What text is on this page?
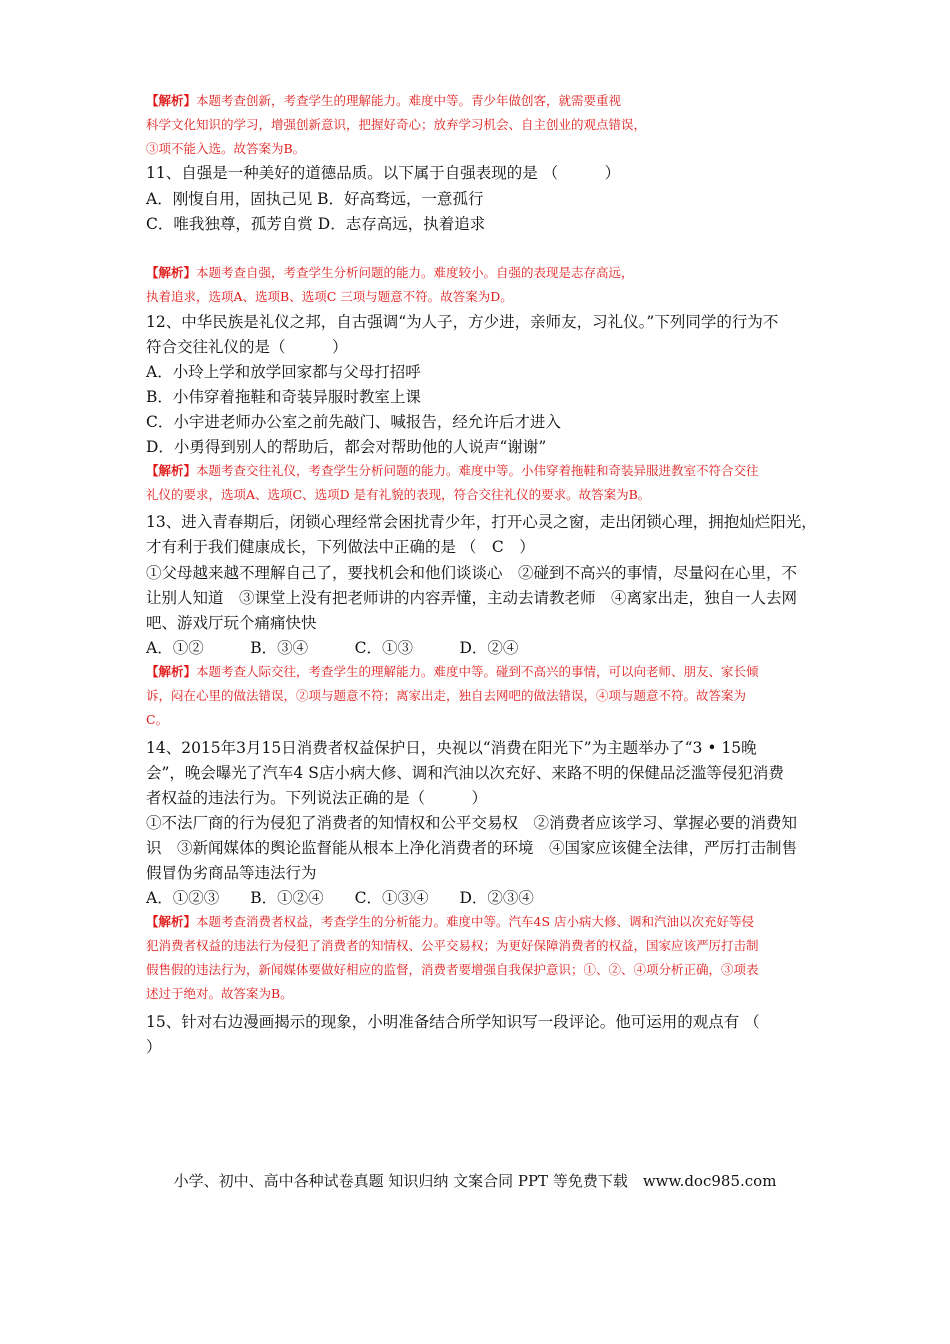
【解析】本题考查创新，考查学生的理解能力。难度中等。青少年做创客，就需要重视
科学文化知识的学习，增强创新意识，把握好奇心；放弃学习机会、自主创业的观点错误，
③项不能入选。故答案为B。
11、自强是一种美好的道德品质。以下属于自强表现的是 （　　　）
A．刚愎自用，固执己见 B．好高骛远，一意孤行
C．唯我独尊，孤芳自赏 D．志存高远，执着追求
【解析】本题考查自强，考查学生分析问题的能力。难度较小。自强的表现是志存高远，
执着追求，选项A、选项B、选项C 三项与题意不符。故答案为D。
12、中华民族是礼仪之邦，自古强调“为人子，方少进，亲师友，习礼仪。”下列同学的行为不
符合交往礼仪的是（　　　）
A．小玲上学和放学回家都与父母打招呼
B．小伟穿着拖鞋和奇装异服时教室上课
C．小宇进老师办公室之前先敲门、喊报告，经允许后才进入
D．小勇得到别人的帮助后，都会对帮助他的人说声“谢谢”
【解析】本题考查交往礼仪，考查学生分析问题的能力。难度中等。小伟穿着拖鞋和奇装异服进教室不符合交往
礼仪的要求，选项A、选项C、选项D 是有礼貌的表现，符合交往礼仪的要求。故答案为B。
13、进入青春期后，闭锁心理经常会困扰青少年，打开心灵之窗，走出闭锁心理，拥抱灿烂阳光，
才有利于我们健康成长，下列做法中正确的是 （　C　）
①父母越来越不理解自己了，要找机会和他们谈谈心　②碰到不高兴的事情，尽量闷在心里，不
让别人知道　③课堂上没有把老师讲的内容弄懂，主动去请教老师　④离家出走，独自一人去网
吧、游戏厅玩个痛痛快快
A．①②　　　B．③④　　　C．①③　　　D．②④
【解析】本题考查人际交往，考查学生的理解能力。难度中等。碰到不高兴的事情，可以向老师、朋友、家长倾
诉，闷在心里的做法错误，②项与题意不符；离家出走，独自去网吧的做法错误，④项与题意不符。故答案为
C。
14、2015年3月15日消费者权益保护日，央视以“消费在阳光下”为主题举办了“3 • 15晚
会”，晚会曝光了汽车4 S店小病大修、调和汽油以次充好、来路不明的保健品泛滥等侵犯消费
者权益的违法行为。下列说法正确的是（　　　）
①不法厂商的行为侵犯了消费者的知情权和公平交易权　②消费者应该学习、掌握必要的消费知
识　③新闻媒体的舆论监督能从根本上净化消费者的环境　④国家应该健全法律，严厉打击制售
假冒伪劣商品等违法行为
A．①②③　　B．①②④　　C．①③④　　D．②③④
【解析】本题考查消费者权益，考查学生的分析能力。难度中等。汽车4S 店小病大修、调和汽油以次充好等侵
犯消费者权益的违法行为侵犯了消费者的知情权、公平交易权；为更好保障消费者的权益，国家应该严厉打击制
假售假的违法行为，新闻媒体要做好相应的监督，消费者要增强自我保护意识；①、②、④项分析正确，③项表
述过于绝对。故答案为B。
15、针对右边漫画揭示的现象，小明准备结合所学知识写一段评论。他可运用的观点有 （
）
小学、初中、高中各种试卷真题 知识归纳 文案合同 PPT 等免费下载　www.doc985.com
